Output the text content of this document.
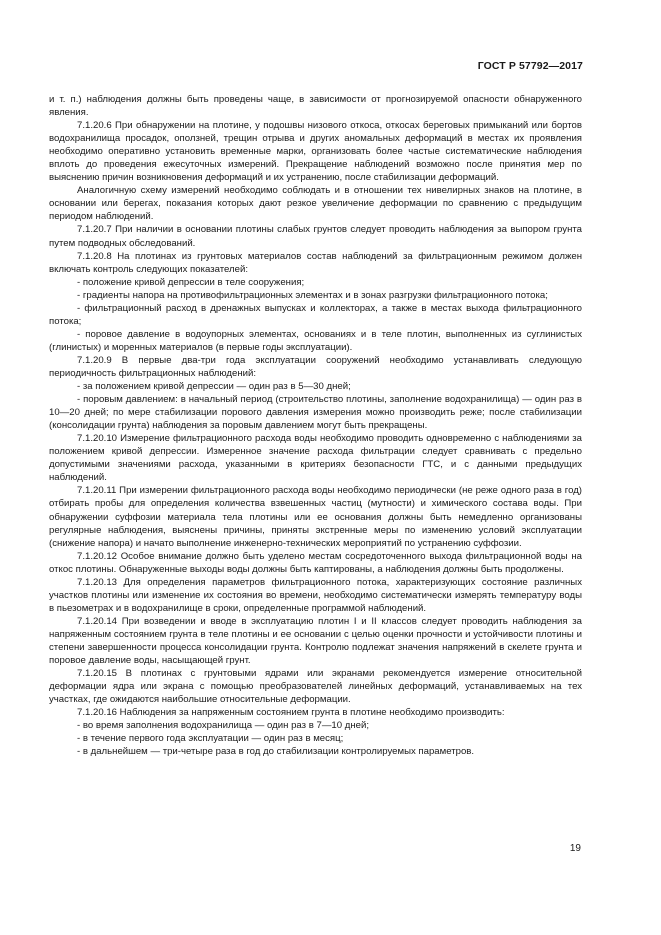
ГОСТ Р 57792—2017

и т. п.) наблюдения должны быть проведены чаще, в зависимости от прогнозируемой опасности обнаруженного явления.

7.1.20.6 При обнаружении на плотине, у подошвы низового откоса, откосах береговых примыканий или бортов водохранилища просадок, оползней, трещин отрыва и других аномальных деформаций в местах их проявления необходимо оперативно установить временные марки, организовать более частые систематические наблюдения вплоть до проведения ежесуточных измерений. Прекращение наблюдений возможно после принятия мер по выяснению причин возникновения деформаций и их устранению, после стабилизации деформаций.

Аналогичную схему измерений необходимо соблюдать и в отношении тех нивелирных знаков на плотине, в основании или берегах, показания которых дают резкое увеличение деформации по сравнению с предыдущим периодом наблюдений.

7.1.20.7 При наличии в основании плотины слабых грунтов следует проводить наблюдения за выпором грунта путем подводных обследований.

7.1.20.8 На плотинах из грунтовых материалов состав наблюдений за фильтрационным режимом должен включать контроль следующих показателей:

- положение кривой депрессии в теле сооружения;

- градиенты напора на противофильтрационных элементах и в зонах разгрузки фильтрационного потока;

- фильтрационный расход в дренажных выпусках и коллекторах, а также в местах выхода фильтрационного потока;

- поровое давление в водоупорных элементах, основаниях и в теле плотин, выполненных из суглинистых (глинистых) и моренных материалов (в первые годы эксплуатации).

7.1.20.9 В первые два-три года эксплуатации сооружений необходимо устанавливать следующую периодичность фильтрационных наблюдений:

- за положением кривой депрессии — один раз в 5—30 дней;

- поровым давлением: в начальный период (строительство плотины, заполнение водохранилища) — один раз в 10—20 дней; по мере стабилизации порового давления измерения можно производить реже; после стабилизации (консолидации грунта) наблюдения за поровым давлением могут быть прекращены.

7.1.20.10 Измерение фильтрационного расхода воды необходимо проводить одновременно с наблюдениями за положением кривой депрессии. Измеренное значение расхода фильтрации следует сравнивать с предельно допустимыми значениями расхода, указанными в критериях безопасности ГТС, и с данными предыдущих наблюдений.

7.1.20.11 При измерении фильтрационного расхода воды необходимо периодически (не реже одного раза в год) отбирать пробы для определения количества взвешенных частиц (мутности) и химического состава воды. При обнаружении суффозии материала тела плотины или ее основания должны быть немедленно организованы регулярные наблюдения, выяснены причины, приняты экстренные меры по изменению условий эксплуатации (снижение напора) и начато выполнение инженерно-технических мероприятий по устранению суффозии.

7.1.20.12 Особое внимание должно быть уделено местам сосредоточенного выхода фильтрационной воды на откос плотины. Обнаруженные выходы воды должны быть каптированы, а наблюдения должны быть продолжены.

7.1.20.13 Для определения параметров фильтрационного потока, характеризующих состояние различных участков плотины или изменение их состояния во времени, необходимо систематически измерять температуру воды в пьезометрах и в водохранилище в сроки, определенные программой наблюдений.

7.1.20.14 При возведении и вводе в эксплуатацию плотин I и II классов следует проводить наблюдения за напряженным состоянием грунта в теле плотины и ее основании с целью оценки прочности и устойчивости плотины и степени завершенности процесса консолидации грунта. Контролю подлежат значения напряжений в скелете грунта и поровое давление воды, насыщающей грунт.

7.1.20.15 В плотинах с грунтовыми ядрами или экранами рекомендуется измерение относительной деформации ядра или экрана с помощью преобразователей линейных деформаций, устанавливаемых на тех участках, где ожидаются наибольшие относительные деформации.

7.1.20.16 Наблюдения за напряженным состоянием грунта в плотине необходимо производить:

- во время заполнения водохранилища — один раз в 7—10 дней;

- в течение первого года эксплуатации — один раз в месяц;

- в дальнейшем — три-четыре раза в год до стабилизации контролируемых параметров.

19
